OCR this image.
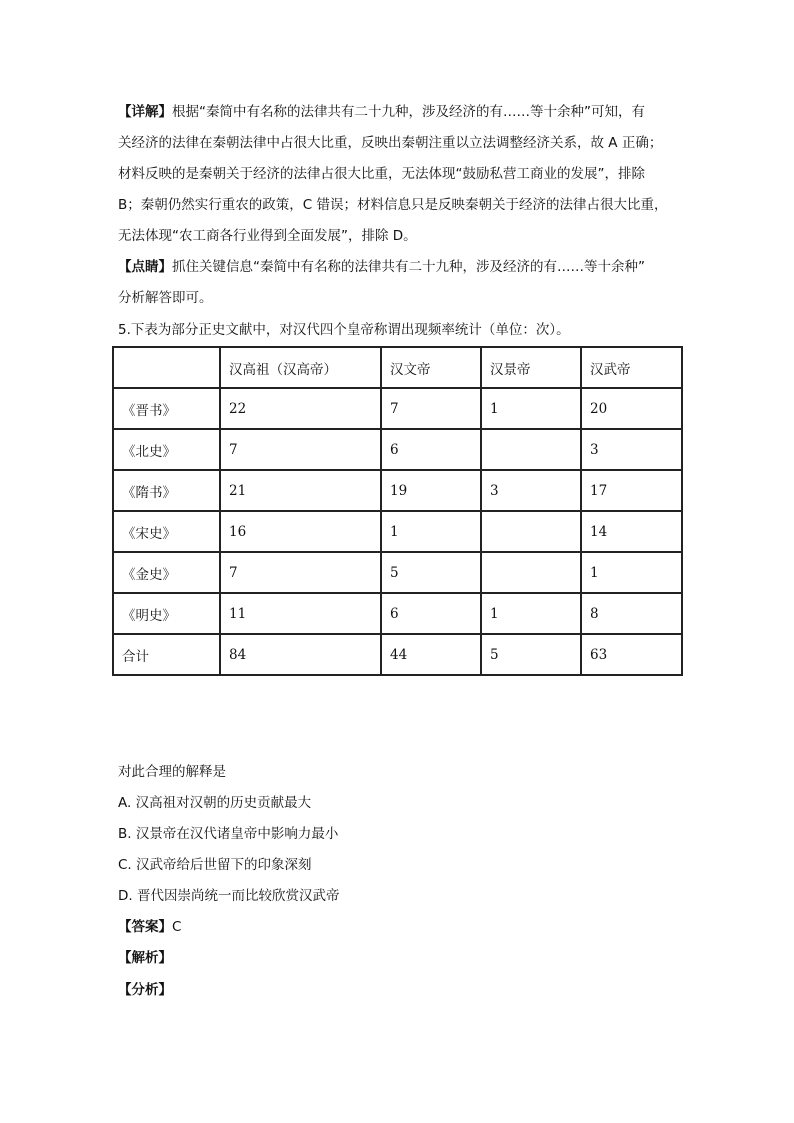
【详解】根据“秦简中有名称的法律共有二十九种，涉及经济的有……等十余种”可知，有
关经济的法律在秦朝法律中占很大比重，反映出秦朝注重以立法调整经济关系，故 A 正确；
材料反映的是秦朝关于经济的法律占很大比重，无法体现“鼓励私营工商业的发展”，排除
B；秦朝仍然实行重农的政策，C 错误；材料信息只是反映秦朝关于经济的法律占很大比重，
无法体现“农工商各行业得到全面发展”，排除 D。
【点睛】抓住关键信息“秦简中有名称的法律共有二十九种，涉及经济的有……等十余种”
分析解答即可。
5.下表为部分正史文献中，对汉代四个皇帝称谓出现频率统计（单位：次）。
	汉高祖（汉高帝）	汉文帝	汉景帝	汉武帝
《晋书》	22	7	1	20
《北史》	7	6		3
《隋书》	21	19	3	17
《宋史》	16	1		14
《金史》	7	5		1
《明史》	11	6	1	8
合计	84	44	5	63
对此合理的解释是
A. 汉高祖对汉朝的历史贡献最大
B. 汉景帝在汉代诸皇帝中影响力最小
C. 汉武帝给后世留下的印象深刻
D. 晋代因崇尚统一而比较欣赏汉武帝
【答案】C
【解析】
【分析】
